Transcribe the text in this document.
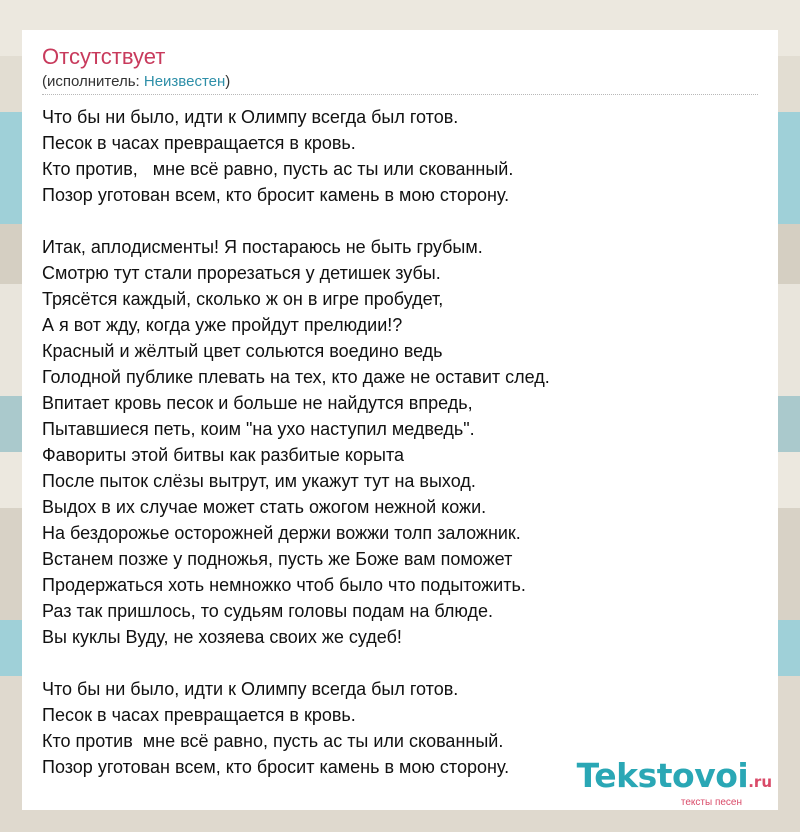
Отсутствует
(исполнитель: Неизвестен)
Что бы ни было, идти к Олимпу всегда был готов.
Песок в часах превращается в кровь.
Кто против,   мне всё равно, пусть ас ты или скованный.
Позор уготован всем, кто бросит камень в мою сторону.
Итак, аплодисменты! Я постараюсь не быть грубым.
Смотрю тут стали прорезаться у детишек зубы.
Трясётся каждый, сколько ж он в игре пробудет,
А я вот жду, когда уже пройдут прелюдии!?
Красный и жёлтый цвет сольются воедино ведь
Голодной публике плевать на тех, кто даже не оставит след.
Впитает кровь песок и больше не найдутся впредь,
Пытавшиеся петь, коим "на ухо наступил медведь".
Фавориты этой битвы как разбитые корыта
После пыток слёзы вытрут, им укажут тут на выход.
Выдох в их случае может стать ожогом нежной кожи.
На бездорожье осторожней держи вожжи толп заложник.
Встанем позже у подножья, пусть же Боже вам поможет
Продержаться хоть немножко чтоб было что подытожить.
Раз так пришлось, то судьям головы подам на блюде.
Вы куклы Вуду, не хозяева своих же судеб!
Что бы ни было, идти к Олимпу всегда был готов.
Песок в часах превращается в кровь.
Кто против  мне всё равно, пусть ас ты или скованный.
Позор уготован всем, кто бросит камень в мою сторону.	Tekstovoi.ru
тексты песен
